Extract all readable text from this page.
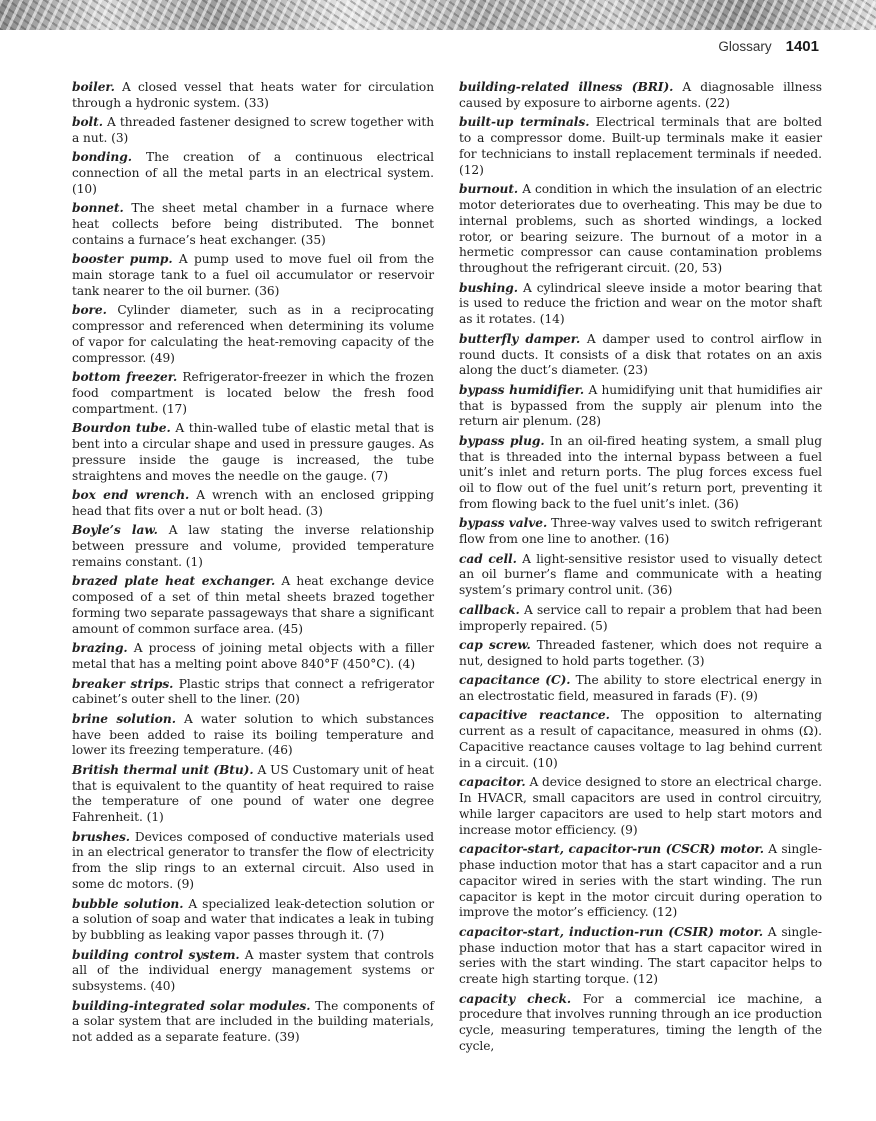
Glossary 1401

boiler. A closed vessel that heats water for circulation through a hydronic system. (33)

bolt. A threaded fastener designed to screw together with a nut. (3)

bonding. The creation of a continuous electrical connection of all the metal parts in an electrical system. (10)

bonnet. The sheet metal chamber in a furnace where heat collects before being distributed. The bonnet contains a furnace’s heat exchanger. (35)

booster pump. A pump used to move fuel oil from the main storage tank to a fuel oil accumulator or reservoir tank nearer to the oil burner. (36)

bore. Cylinder diameter, such as in a reciprocating compressor and referenced when determining its volume of vapor for calculating the heat-removing capacity of the compressor. (49)

bottom freezer. Refrigerator-freezer in which the frozen food compartment is located below the fresh food compartment. (17)

Bourdon tube. A thin-walled tube of elastic metal that is bent into a circular shape and used in pressure gauges. As pressure inside the gauge is increased, the tube straightens and moves the needle on the gauge. (7)

box end wrench. A wrench with an enclosed gripping head that fits over a nut or bolt head. (3)

Boyle’s law. A law stating the inverse relationship between pressure and volume, provided temperature remains constant. (1)

brazed plate heat exchanger. A heat exchange device composed of a set of thin metal sheets brazed together forming two separate passageways that share a significant amount of common surface area. (45)

brazing. A process of joining metal objects with a filler metal that has a melting point above 840°F (450°C). (4)

breaker strips. Plastic strips that connect a refrigerator cabinet’s outer shell to the liner. (20)

brine solution. A water solution to which substances have been added to raise its boiling temperature and lower its freezing temperature. (46)

British thermal unit (Btu). A US Customary unit of heat that is equivalent to the quantity of heat required to raise the temperature of one pound of water one degree Fahrenheit. (1)

brushes. Devices composed of conductive materials used in an electrical generator to transfer the flow of electricity from the slip rings to an external circuit. Also used in some dc motors. (9)

bubble solution. A specialized leak-detection solution or a solution of soap and water that indicates a leak in tubing by bubbling as leaking vapor passes through it. (7)

building control system. A master system that controls all of the individual energy management systems or subsystems. (40)

building-integrated solar modules. The components of a solar system that are included in the building materials, not added as a separate feature. (39)

building-related illness (BRI). A diagnosable illness caused by exposure to airborne agents. (22)

built-up terminals. Electrical terminals that are bolted to a compressor dome. Built-up terminals make it easier for technicians to install replacement terminals if needed. (12)

burnout. A condition in which the insulation of an electric motor deteriorates due to overheating. This may be due to internal problems, such as shorted windings, a locked rotor, or bearing seizure. The burnout of a motor in a hermetic compressor can cause contamination problems throughout the refrigerant circuit. (20, 53)

bushing. A cylindrical sleeve inside a motor bearing that is used to reduce the friction and wear on the motor shaft as it rotates. (14)

butterfly damper. A damper used to control airflow in round ducts. It consists of a disk that rotates on an axis along the duct’s diameter. (23)

bypass humidifier. A humidifying unit that humidifies air that is bypassed from the supply air plenum into the return air plenum. (28)

bypass plug. In an oil-fired heating system, a small plug that is threaded into the internal bypass between a fuel unit’s inlet and return ports. The plug forces excess fuel oil to flow out of the fuel unit’s return port, preventing it from flowing back to the fuel unit’s inlet. (36)

bypass valve. Three-way valves used to switch refrigerant flow from one line to another. (16)

cad cell. A light-sensitive resistor used to visually detect an oil burner’s flame and communicate with a heating system’s primary control unit. (36)

callback. A service call to repair a problem that had been improperly repaired. (5)

cap screw. Threaded fastener, which does not require a nut, designed to hold parts together. (3)

capacitance (C). The ability to store electrical energy in an electrostatic field, measured in farads (F). (9)

capacitive reactance. The opposition to alternating current as a result of capacitance, measured in ohms (Ω). Capacitive reactance causes voltage to lag behind current in a circuit. (10)

capacitor. A device designed to store an electrical charge. In HVACR, small capacitors are used in control circuitry, while larger capacitors are used to help start motors and increase motor efficiency. (9)

capacitor-start, capacitor-run (CSCR) motor. A single-phase induction motor that has a start capacitor and a run capacitor wired in series with the start winding. The run capacitor is kept in the motor circuit during operation to improve the motor’s efficiency. (12)

capacitor-start, induction-run (CSIR) motor. A single-phase induction motor that has a start capacitor wired in series with the start winding. The start capacitor helps to create high starting torque. (12)

capacity check. For a commercial ice machine, a procedure that involves running through an ice production cycle, measuring temperatures, timing the length of the cycle,
